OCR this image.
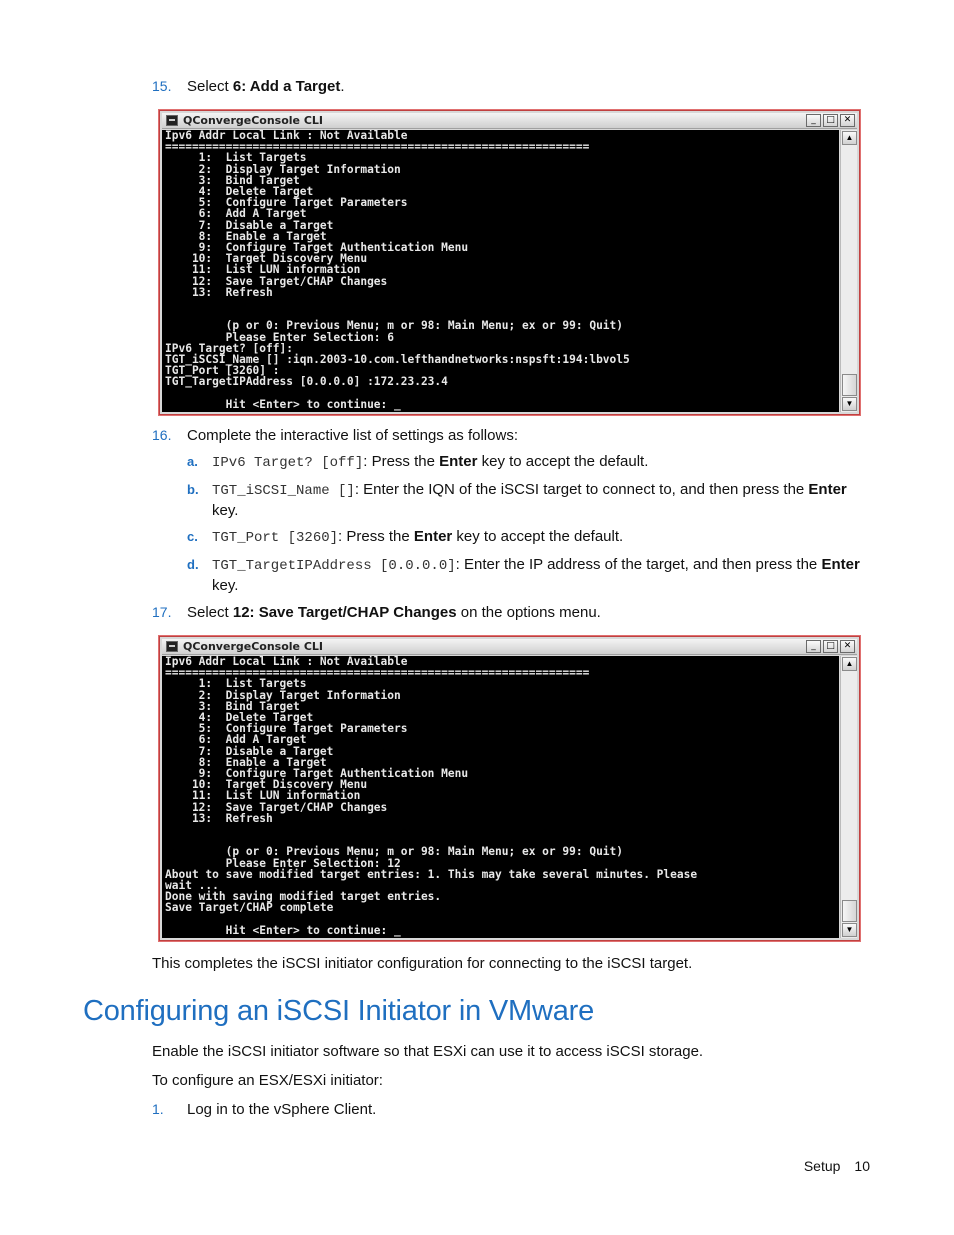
15. Select 6: Add a Target.
QConvergeConsole CLI	_	□ ✕
Ipv6 Addr Local Link : Not Available
===============================================================
1:  List Targets
2:  Display Target Information
3:  Bind Target
4:  Delete Target
5:  Configure Target Parameters
6:  Add A Target
7:  Disable a Target
8:  Enable a Target
9:  Configure Target Authentication Menu
10:  Target Discovery Menu
11:  List LUN information
12:  Save Target/CHAP Changes
13:  Refresh

(p or 0: Previous Menu; m or 98: Main Menu; ex or 99: Quit)
Please Enter Selection: 6
IPv6 Target? [off]:
TGT_iSCSI_Name [] :iqn.2003-10.com.lefthandnetworks:nspsft:194:lbvol5
TGT_Port [3260] :
TGT_TargetIPAddress [0.0.0.0] :172.23.23.4

Hit <Enter> to continue: _
▲
▼
16. Complete the interactive list of settings as follows:
a. IPv6 Target? [off]: Press the Enter key to accept the default.
b. TGT_iSCSI_Name []: Enter the IQN of the iSCSI target to connect to, and then press the Enter key.
c. TGT_Port [3260]: Press the Enter key to accept the default.
d. TGT_TargetIPAddress [0.0.0.0]: Enter the IP address of the target, and then press the Enter key.
17. Select 12: Save Target/CHAP Changes on the options menu.
QConvergeConsole CLI	_	□ ✕
Ipv6 Addr Local Link : Not Available
===============================================================
1:  List Targets
2:  Display Target Information
3:  Bind Target
4:  Delete Target
5:  Configure Target Parameters
6:  Add A Target
7:  Disable a Target
8:  Enable a Target
9:  Configure Target Authentication Menu
10:  Target Discovery Menu
11:  List LUN information
12:  Save Target/CHAP Changes
13:  Refresh

(p or 0: Previous Menu; m or 98: Main Menu; ex or 99: Quit)
Please Enter Selection: 12
About to save modified target entries: 1. This may take several minutes. Please
wait ...
Done with saving modified target entries.
Save Target/CHAP complete

Hit <Enter> to continue: _
▲
▼
This completes the iSCSI initiator configuration for connecting to the iSCSI target.
Configuring an iSCSI Initiator in VMware
Enable the iSCSI initiator software so that ESXi can use it to access iSCSI storage.
To configure an ESX/ESXi initiator:
1. Log in to the vSphere Client.
Setup 10
